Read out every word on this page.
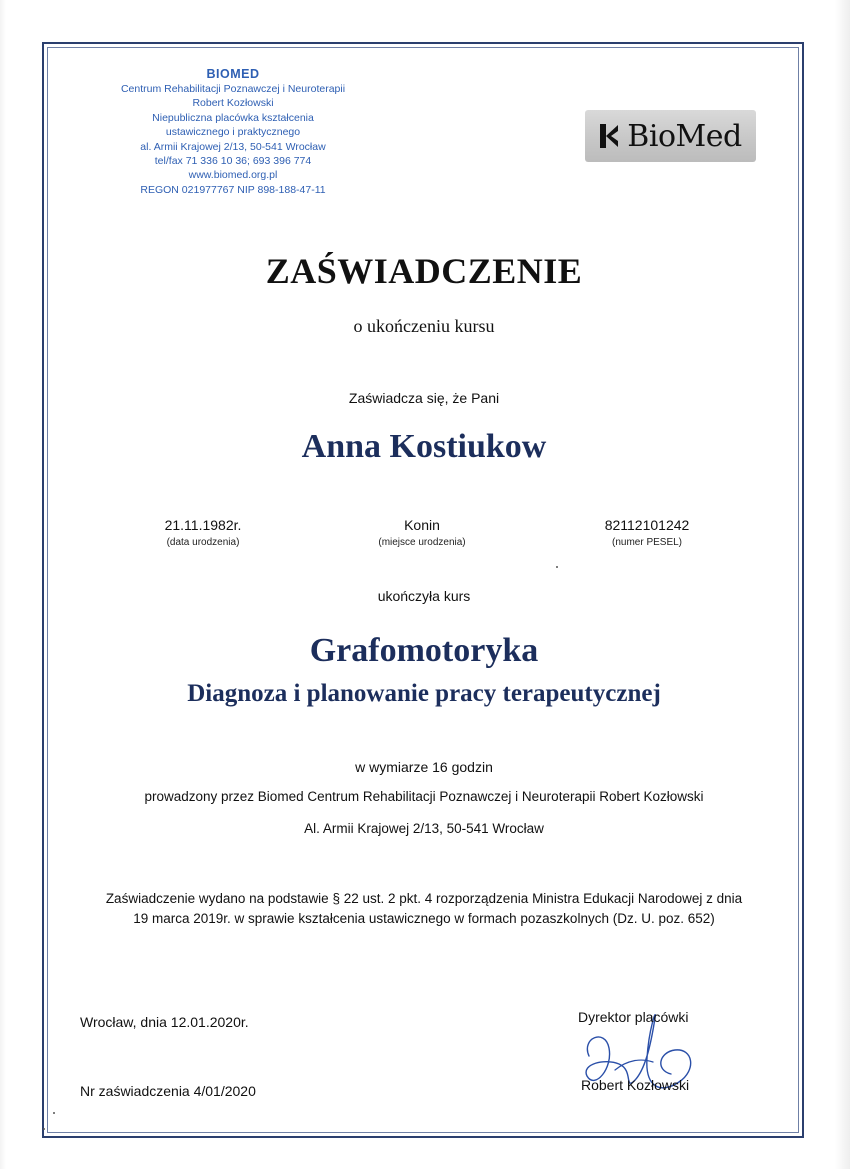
BIOMED
Centrum Rehabilitacji Poznawczej i Neuroterapii
Robert Kozłowski
Niepubliczna placówka kształcenia
ustawicznego i praktycznego
al. Armii Krajowej 2/13, 50-541 Wrocław
tel/fax 71 336 10 36; 693 396 774
www.biomed.org.pl
REGON 021977767 NIP 898-188-47-11
BioMed
ZAŚWIADCZENIE
o ukończeniu kursu
Zaświadcza się, że Pani
Anna Kostiukow
21.11.1982r.
(data urodzenia)
Konin
(miejsce urodzenia)
82112101242
(numer PESEL)
ukończyła kurs
Grafomotoryka
Diagnoza i planowanie pracy terapeutycznej
w wymiarze 16 godzin
prowadzony przez Biomed Centrum Rehabilitacji Poznawczej i Neuroterapii Robert Kozłowski
Al. Armii Krajowej 2/13, 50-541 Wrocław
Zaświadczenie wydano na podstawie § 22 ust. 2 pkt. 4 rozporządzenia Ministra Edukacji Narodowej z dnia
19 marca 2019r. w sprawie kształcenia ustawicznego w formach pozaszkolnych (Dz. U. poz. 652)
Wrocław, dnia 12.01.2020r.
Nr zaświadczenia 4/01/2020
Dyrektor placówki
Robert Kozłowski
